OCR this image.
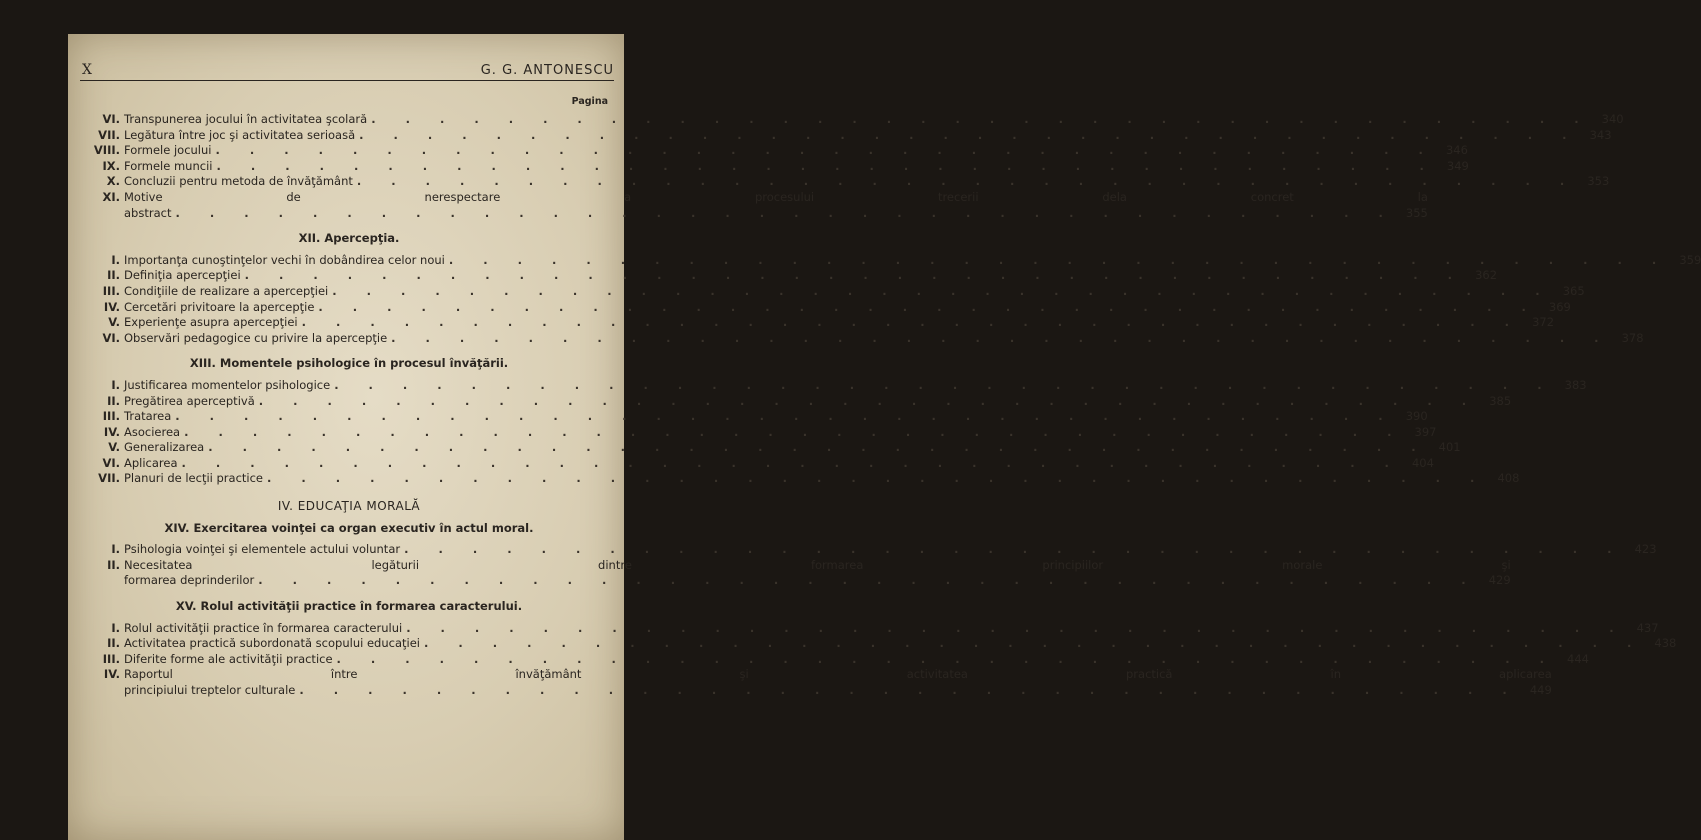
X	G. G. ANTONESCU
Pagina
VI. Transpunerea jocului în activitatea şcolară . . .	340
VII. Legătura între joc şi activitatea serioasă . . .	343
VIII. Formele jocului . . .	346
IX. Formele muncii . . .	349
X. Concluzii pentru metoda de învăţământ . . .	353
XI. Motive de nerespectare a procesului trecerii dela concret la
abstract . . .	355
XII. Apercepţia.
I. Importanţa cunoştinţelor vechi în dobândirea celor noui . . .	359
II. Definiţia apercepţiei . . .	362
III. Condiţiile de realizare a apercepţiei . . .	365
IV. Cercetări privitoare la apercepţie . . .	369
V. Experienţe asupra apercepţiei . . .	372
VI. Observări pedagogice cu privire la apercepţie . . .	378
XIII. Momentele psihologice în procesul învăţării.
I. Justificarea momentelor psihologice . . .	383
II. Pregătirea aperceptivă . . .	385
III. Tratarea . . .	390
IV. Asocierea . . .	397
V. Generalizarea . . .	401
VI. Aplicarea . . .	404
VII. Planuri de lecţii practice . . .	408
IV. EDUCAŢIA MORALĂ
XIV. Exercitarea voinţei ca organ executiv în actul moral.
I. Psihologia voinţei şi elementele actului voluntar . . .	423
II. Necesitatea legăturii dintre formarea principiilor morale şi
formarea deprinderilor . . .	429
XV. Rolul activităţii practice în formarea caracterului.
I. Rolul activităţii practice în formarea caracterului . . .	437
II. Activitatea practică subordonată scopului educaţiei . . .	438
III. Diferite forme ale activităţii practice . . .	444
IV. Raportul între învăţământ şi activitatea practică în aplicarea
principiului treptelor culturale . . .	449
